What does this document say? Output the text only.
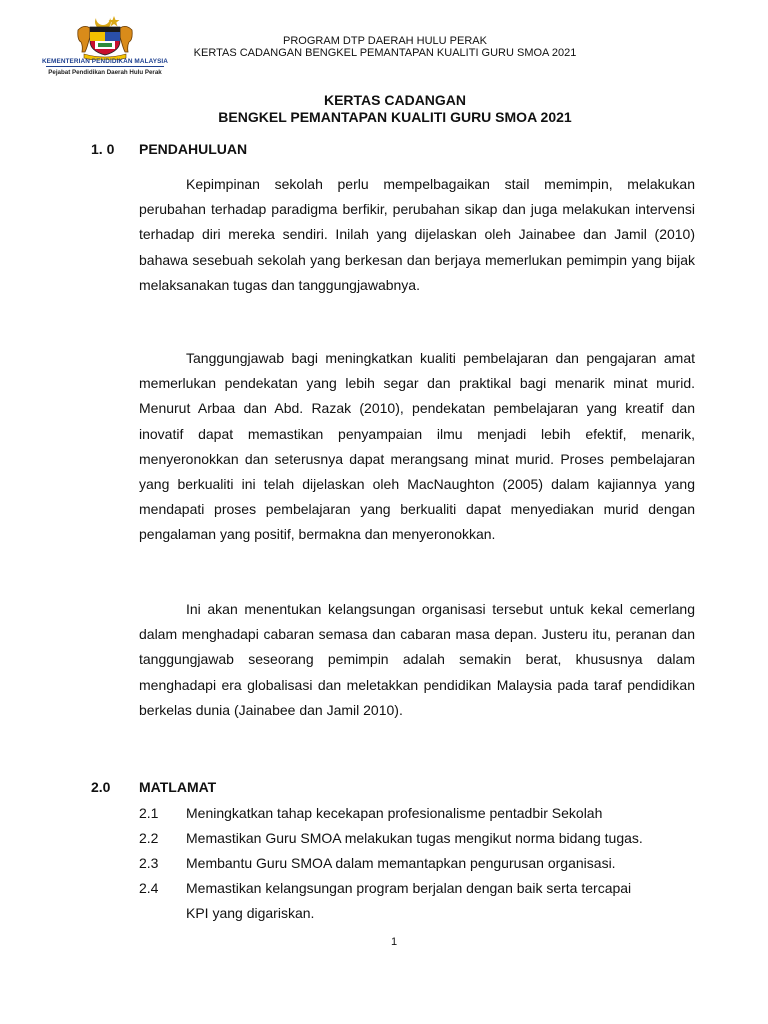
KEMENTERIAN PENDIDIKAN MALAYSIA
Pejabat Pendidikan Daerah Hulu Perak
PROGRAM DTP DAERAH HULU PERAK
KERTAS CADANGAN BENGKEL PEMANTAPAN KUALITI GURU SMOA 2021
KERTAS CADANGAN
BENGKEL PEMANTAPAN KUALITI GURU SMOA 2021
1. 0 PENDAHULUAN

Kepimpinan sekolah perlu mempelbagaikan stail memimpin, melakukan perubahan terhadap paradigma berfikir, perubahan sikap dan juga melakukan intervensi terhadap diri mereka sendiri. Inilah yang dijelaskan oleh Jainabee dan Jamil (2010) bahawa sesebuah sekolah yang berkesan dan berjaya memerlukan pemimpin yang bijak melaksanakan tugas dan tanggungjawabnya.

Tanggungjawab bagi meningkatkan kualiti pembelajaran dan pengajaran amat memerlukan pendekatan yang lebih segar dan praktikal bagi menarik minat murid. Menurut Arbaa dan Abd. Razak (2010), pendekatan pembelajaran yang kreatif dan inovatif dapat memastikan penyampaian ilmu menjadi lebih efektif, menarik, menyeronokkan dan seterusnya dapat merangsang minat murid. Proses pembelajaran yang berkualiti ini telah dijelaskan oleh MacNaughton (2005) dalam kajiannya yang mendapati proses pembelajaran yang berkualiti dapat menyediakan murid dengan pengalaman yang positif, bermakna dan menyeronokkan.

Ini akan menentukan kelangsungan organisasi tersebut untuk kekal cemerlang dalam menghadapi cabaran semasa dan cabaran masa depan. Justeru itu, peranan dan tanggungjawab seseorang pemimpin adalah semakin berat, khususnya dalam menghadapi era globalisasi dan meletakkan pendidikan Malaysia pada taraf pendidikan berkelas dunia (Jainabee dan Jamil 2010).

2.0 MATLAMAT
2.1 Meningkatkan tahap kecekapan profesionalisme pentadbir Sekolah
2.2 Memastikan Guru SMOA melakukan tugas mengikut norma bidang tugas.
2.3 Membantu Guru SMOA dalam memantapkan pengurusan organisasi.
2.4 Memastikan kelangsungan program berjalan dengan baik serta tercapai
KPI yang digariskan.
1
